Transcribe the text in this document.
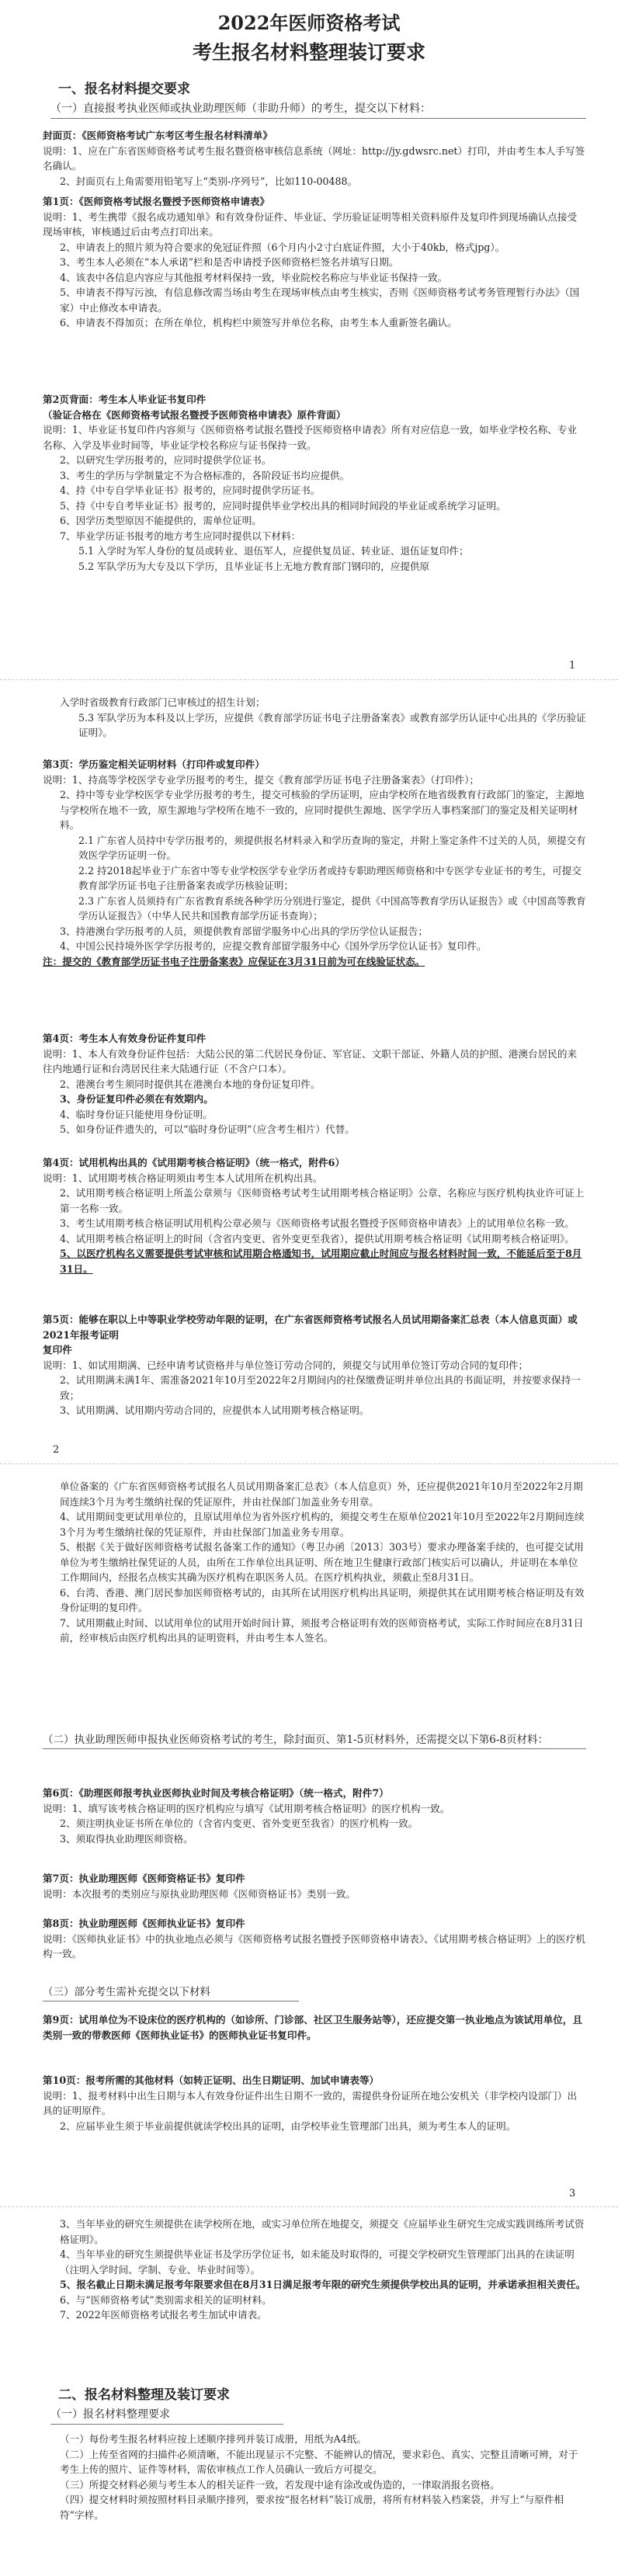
2022年医师资格考试
考生报名材料整理装订要求
一、报名材料提交要求
（一）直接报考执业医师或执业助理医师（非助升师）的考生，提交以下材料：

封面页：《医师资格考试广东考区考生报名材料清单》

说明：1、应在广东省医师资格考试考生报名暨资格审核信息系统（网址：http://jy.gdwsrc.net）打印，并由考生本人手写签名确认。

2、封面页右上角需要用铅笔写上“类别-序列号”，比如110-00488。

第1页：《医师资格考试报名暨授予医师资格申请表》

说明：1、考生携带《报名成功通知单》和有效身份证件、毕业证、学历验证证明等相关资料原件及复印件到现场确认点接受现场审核，审核通过后由考点打印出来。

2、申请表上的照片须为符合要求的免冠证件照（6个月内小2寸白底证件照，大小于40kb，格式jpg）。

3、考生本人必须在“本人承诺”栏和是否申请授予医师资格栏签名并填写日期。

4、该表中各信息内容应与其他报考材料保持一致，毕业院校名称应与毕业证书保持一致。

5、申请表不得写污浊，有信息修改需当场由考生在现场审核点由考生核实，否则《医师资格考试考务管理暂行办法》（国家）中止修改本申请表。

6、申请表不得加页；在所在单位，机构栏中须签写并单位名称，由考生本人重新签名确认。

第2页背面：考生本人毕业证书复印件

（验证合格在《医师资格考试报名暨授予医师资格申请表》原件背面）

说明：1、毕业证书复印件内容须与《医师资格考试报名暨授予医师资格申请表》所有对应信息一致，如毕业学校名称、专业名称、入学及毕业时间等，毕业证学校名称应与证书保持一致。

2、以研究生学历报考的，应同时提供学位证书。

3、考生的学历与学制量定不为合格标准的，各阶段证书均应提供。

4、持《中专自学毕业证书》报考的，应同时提供学历证书。

5、持《中专自考毕业证书》报考的，应同时提供毕业学校出具的相同时间段的毕业证或系统学习证明。

6、因学历类型原因不能提供的，需单位证明。

7、毕业学历证书报考的地方考生应同时提供以下材料：

5.1 入学时为军人身份的复员或转业、退伍军人，应提供复员证、转业证、退伍证复印件；

5.2 军队学历为大专及以下学历，且毕业证书上无地方教育部门钢印的，应提供原

1

入学时省级教育行政部门已审核过的招生计划；

5.3 军队学历为本科及以上学历，应提供《教育部学历证书电子注册备案表》或教育部学历认证中心出具的《学历验证证明》。

第3页：学历鉴定相关证明材料（打印件或复印件）

说明：1、持高等学校医学专业学历报考的考生，提交《教育部学历证书电子注册备案表》（打印件）；

2、持中等专业学校医学专业学历报考的考生，提交可核验的学历证明，应由学校所在地省级教育行政部门的鉴定，主源地与学校所在地不一致，原生源地与学校所在地不一致的，应同时提供生源地、医学学历人事档案部门的鉴定及相关证明材料。

2.1 广东省人员持中专学历报考的，须提供报名材料录入和学历查询的鉴定，并附上鉴定条件不过关的人员，须提交有效医学学历证明一份。

2.2 持2018起毕业于广东省中等专业学校医学专业学历者或持专职助理医师资格和中专医学专业证书的考生，可提交教育部学历证书电子注册备案表或学历核验证明；

2.3 广东省人员须持有广东省教育系统各种学历分别进行鉴定，提供《中国高等教育学历认证报告》或《中国高等教育学历认证报告》（中华人民共和国教育部学历证书查询）；

3、持港澳台学历报考的人员，须提供教育部留学服务中心出具的学历学位认证报告；

4、中国公民持境外医学学历报考的，应提交教育部留学服务中心《国外学历学位认证书》复印件。

注：提交的《教育部学历证书电子注册备案表》应保证在3月31日前为可在线验证状态。

第4页：考生本人有效身份证件复印件

说明：1、本人有效身份证件包括：大陆公民的第二代居民身份证、军官证、文职干部证、外籍人员的护照、港澳台居民的来往内地通行证和台湾居民往来大陆通行证（不含户口本）。

2、港澳台考生须同时提供其在港澳台本地的身份证复印件。

3、身份证复印件必须在有效期内。

4、临时身份证只能使用身份证明。

5、如身份证件遗失的，可以“临时身份证明”（应含考生相片）代替。

第4页：试用机构出具的《试用期考核合格证明》（统一格式，附件6）

说明：1、试用期考核合格证明须由考生本人试用所在机构出具。

2、试用期考核合格证明上所盖公章须与《医师资格考试考生试用期考核合格证明》公章、名称应与医疗机构执业许可证上第一名称一致。

3、考生试用期考核合格证明试用机构公章必须与《医师资格考试报名暨授予医师资格申请表》上的试用单位名称一致。

4、试用期考核合格证明上的时间（含省内变更、省外变更至我省），提供试用期考核合格证明《试用期考核合格证明》。

5、以医疗机构名义需要提供考试审核和试用期合格通知书，试用期应截止时间应与报名材料时间一致，不能延后至于8月31日。

第5页：能够在职以上中等职业学校劳动年限的证明，在广东省医师资格考试报名人员试用期备案汇总表（本人信息页面）或2021年报考证明

复印件

说明：1、如试用期满、已经申请考试资格并与单位签订劳动合同的，须提交与试用单位签订劳动合同的复印件；

2、试用期满未满1年、需准备2021年10月至2022年2月期间内的社保缴费证明并单位出具的书面证明，并按要求保持一致；

3、试用期满、试用期内劳动合同的，应提供本人试用期考核合格证明。

2

单位备案的《广东省医师资格考试报名人员试用期备案汇总表》（本人信息页）外，还应提供2021年10月至2022年2月期间连续3个月为考生缴纳社保的凭证原件，并由社保部门加盖业务专用章。

4、试用期间变更试用单位的，且原试用单位为省外医疗机构的，须提交考生在原单位2021年10月至2022年2月期间连续3个月为考生缴纳社保的凭证原件，并由社保部门加盖业务专用章。

5、根据《关于做好医师资格考试报名备案工作的通知》（粤卫办函〔2013〕303号）要求办理备案手续的，也可提交试用单位为考生缴纳社保凭证的人员，由所在工作单位出具证明、所在地卫生健康行政部门核实后可以确认，并证明在本单位工作期间内，经报名点核实其确为医疗机构在职医务人员。在医疗机构执业，须截止至8月31日。

6、台湾、香港、澳门居民参加医师资格考试的，由其所在试用医疗机构出具证明，须提供其在试用期考核合格证明及有效身份证明的复印件。

7、试用期截止时间、以试用单位的试用开始时间计算，须报考合格证明有效的医师资格考试，实际工作时间应在8月31日前，经审核后由医疗机构出具的证明资料，并由考生本人签名。

（二）执业助理医师申报执业医师资格考试的考生，除封面页、第1-5页材料外，还需提交以下第6-8页材料：

第6页：《助理医师报考执业医师执业时间及考核合格证明》（统一格式，附件7）

说明：1、填写该考核合格证明的医疗机构应与填写《试用期考核合格证明》的医疗机构一致。

2、须注明执业证书所在单位的（含省内变更、省外变更至我省）的医疗机构一致。

3、须取得执业助理医师资格。

第7页：执业助理医师《医师资格证书》复印件

说明：本次报考的类别应与原执业助理医师《医师资格证书》类别一致。

第8页：执业助理医师《医师执业证书》复印件

说明：《医师执业证书》中的执业地点必须与《医师资格考试报名暨授予医师资格申请表》、《试用期考核合格证明》上的医疗机构一致。

（三）部分考生需补充提交以下材料

第9页：试用单位为不设床位的医疗机构的（如诊所、门诊部、社区卫生服务站等），还应提交第一执业地点为该试用单位，且类别一致的带教医师《医师执业证书》的医师执业证书复印件。

第10页：报考所需的其他材料（如转正证明、出生日期证明、加试申请表等）

说明：1、报考材料中出生日期与本人有效身份证件出生日期不一致的，需提供身份证所在地公安机关（非学校内设部门）出具的证明原件。

2、应届毕业生须于毕业前提供就读学校出具的证明，由学校毕业生管理部门出具，须为考生本人的证明。

3

3、当年毕业的研究生须提供在读学校所在地，或实习单位所在地提交，须提交《应届毕业生研究生完成实践训练所考试资格证明》。

4、当年毕业的研究生须提供毕业证书及学历学位证书，如未能及时取得的，可提交学校研究生管理部门出具的在读证明（注明入学时间、学制、专业、毕业时间等）。

5、报名截止日期未满足报考年限要求但在8月31日满足报考年限的研究生须提供学校出具的证明，并承诺承担相关责任。

6、与“医师资格考试”类别需求相关的证明材料。

7、2022年医师资格考试报名考生加试申请表。

二、报名材料整理及装订要求
（一）报名材料整理要求

（一）每份考生报名材料应按上述顺序排列并装订成册，用纸为A4纸。

（二）上传至省网的扫描件必须清晰，不能出现显示不完整、不能辨认的情况，要求彩色、真实、完整且清晰可辨，对于考生上传的照片、证件等材料，需依审核点工作人员确认一致后方可提交。

（三）所提交材料必须与考生本人的相关证件一致，若发现中途有涂改或伪造的，一律取消报名资格。

（四）提交材料时须按照材料目录顺序排列，要求按“报名材料”装订成册，将所有材料装入档案袋，并写上“与原件相符”字样。
